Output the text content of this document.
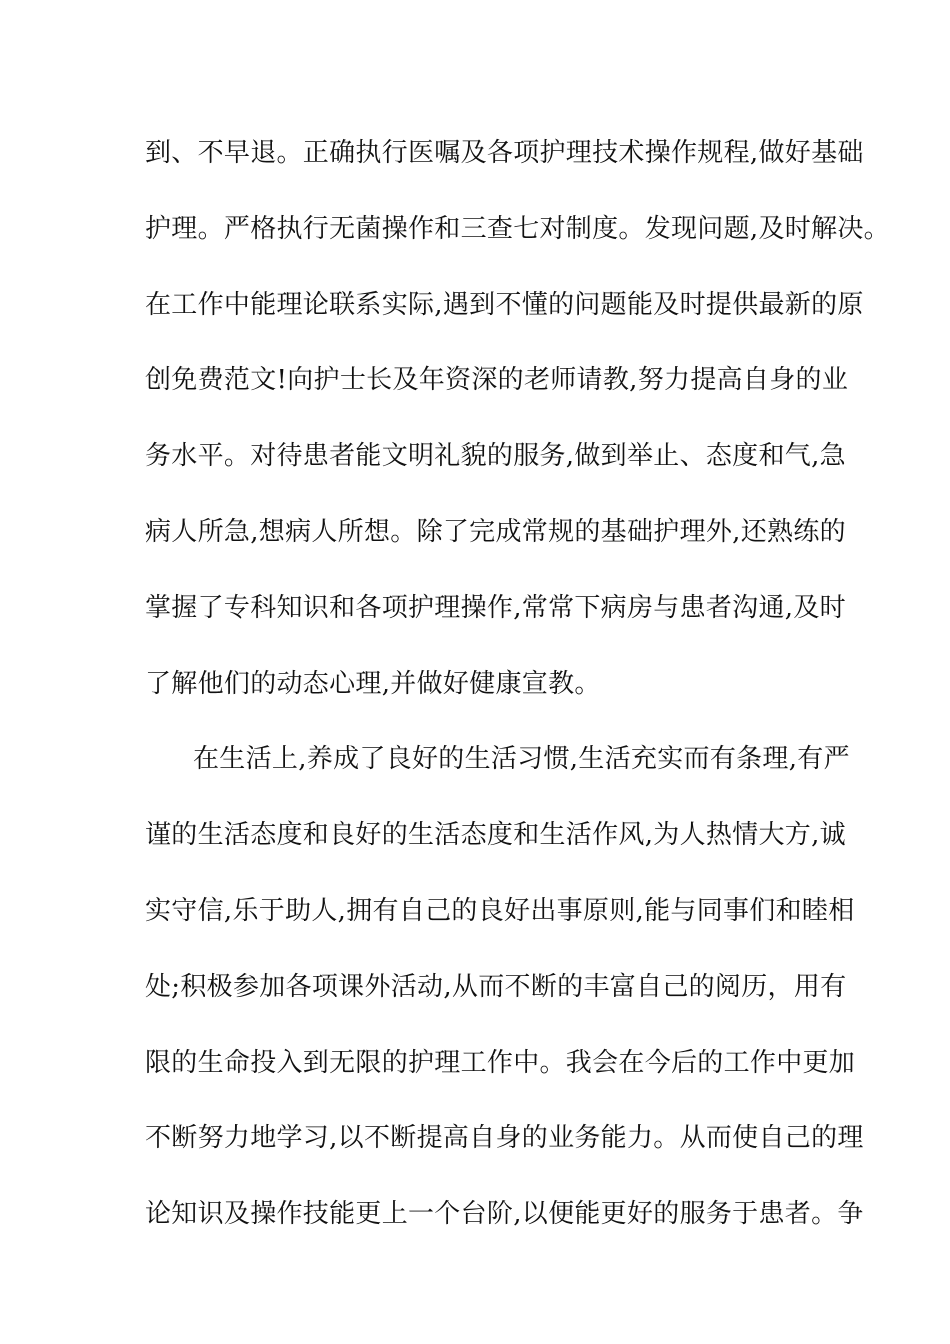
到、不早退。正确执行医嘱及各项护理技术操作规程,做好基础
护理。严格执行无菌操作和三查七对制度。发现问题,及时解决。
在工作中能理论联系实际,遇到不懂的问题能及时提供最新的原
创免费范文!向护士长及年资深的老师请教,努力提高自身的业
务水平。对待患者能文明礼貌的服务,做到举止、态度和气,急
病人所急,想病人所想。除了完成常规的基础护理外,还熟练的
掌握了专科知识和各项护理操作,常常下病房与患者沟通,及时
了解他们的动态心理,并做好健康宣教。
在生活上,养成了良好的生活习惯,生活充实而有条理,有严
谨的生活态度和良好的生活态度和生活作风,为人热情大方,诚
实守信,乐于助人,拥有自己的良好出事原则,能与同事们和睦相
处;积极参加各项课外活动,从而不断的丰富自己的阅历，用有
限的生命投入到无限的护理工作中。我会在今后的工作中更加
不断努力地学习,以不断提高自身的业务能力。从而使自己的理
论知识及操作技能更上一个台阶,以便能更好的服务于患者。争
